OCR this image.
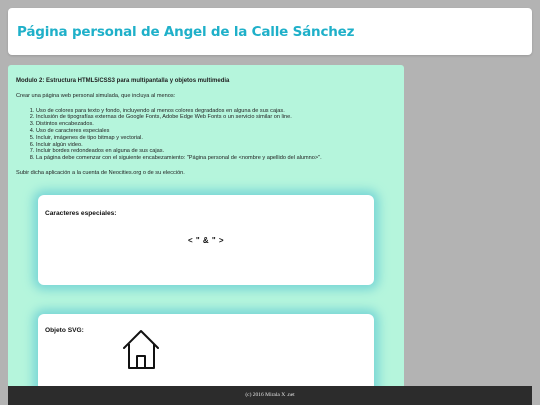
Página personal de Angel de la Calle Sánchez

Modulo 2: Estructura HTML5/CSS3 para multipantalla y objetos multimedia

Crear una página web personal simulada, que incluya al menos:

1. Uso de colores para texto y fondo, incluyendo al menos colores degradados en alguna de sus cajas.
2. Inclusión de tipografías externas de Google Fonts, Adobe Edge Web Fonts o un servicio similar on line.
3. Distintos encabezados.
4. Uso de caracteres especiales
5. Incluir, imágenes de tipo bitmap y vectorial.
6. Incluir algún video.
7. Incluir bordes redondeados en alguna de sus cajas.
8. La página debe comenzar con el siguiente encabezamiento: "Página personal de <nombre y apellido del alumno>".

Subir dicha aplicación a la cuenta de Neocities.org o de su elección.

Caracteres especiales:
< " & " >
Objeto SVG:
(c) 2016 Mirala X .net
